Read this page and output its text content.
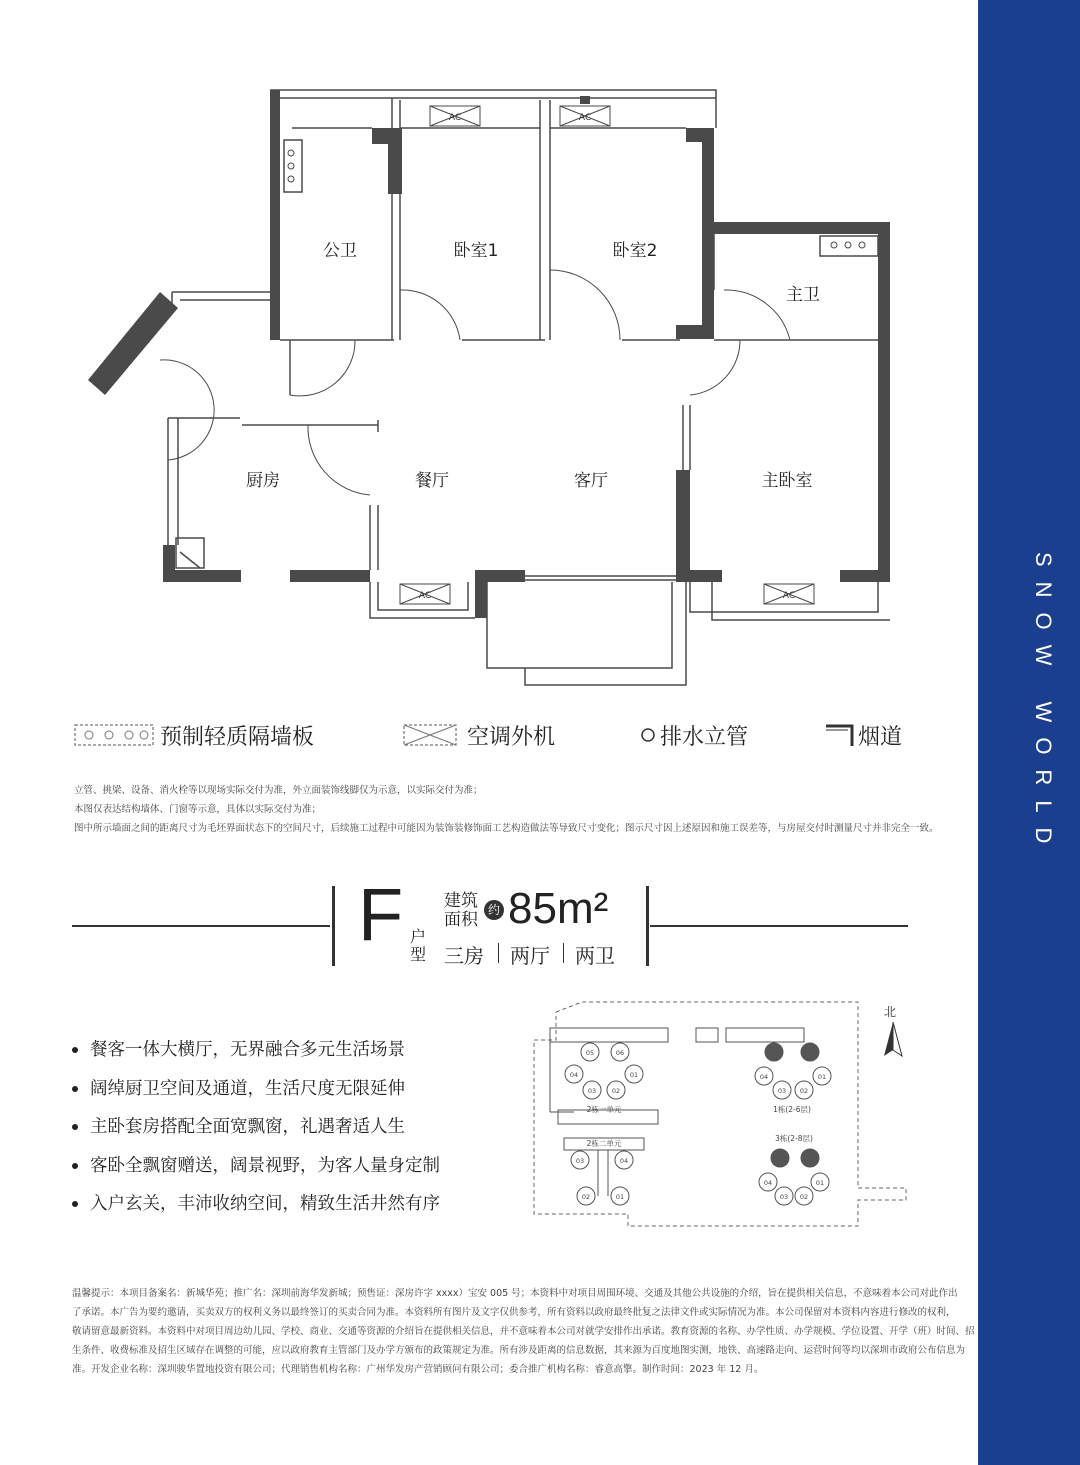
SNOW WORLD
AC	AC
AC	AC
公卫	卧室1	卧室2
主卫
厨房	餐厅	客厅	主卧室
预制轻质隔墙板	空调外机	排水立管	烟道
立管、挑梁、设备、消火栓等以现场实际交付为准，外立面装饰线脚仅为示意，以实际交付为准；
本图仅表达结构墙体、门窗等示意，具体以实际交付为准；
图中所示墙面之间的距离尺寸为毛坯界面状态下的空间尺寸，后续施工过程中可能因为装饰装修饰面工艺构造做法等导致尺寸变化；图示尺寸因上述原因和施工误差等，与房屋交付时测量尺寸并非完全一致。
F 户
型
建筑
面积 约 85m²
三房 两厅 两卫
餐客一体大横厅，无界融合多元生活场景
阔绰厨卫空间及通道，生活尺度无限延伸
主卧套房搭配全面宽飘窗，礼遇奢适人生
客卧全飘窗赠送，阔景视野，为客人量身定制
入户玄关，丰沛收纳空间，精致生活井然有序
2栋一单元	1栋(2-6层)
2栋二单元
3栋(2-8层)
05	06
04	01
03 02
04	01
03 02
03	04
02	01
04	01
03 02
北
温馨提示：本项目备案名：新城华苑；推广名：深圳前海华发新城；预售证：深房许字 xxxx）宝安 005 号；本资料中对项目周围环境、交通及其他公共设施的介绍，旨在提供相关信息，不意味着本公司对此作出
了承诺。本广告为要约邀请，买卖双方的权利义务以最终签订的买卖合同为准。本资料所有图片及文字仅供参考，所有资料以政府最终批复之法律文件或实际情况为准。本公司保留对本资料内容进行修改的权利，
敬请留意最新资料。本资料中对项目周边幼儿园、学校、商业、交通等资源的介绍旨在提供相关信息，并不意味着本公司对就学安排作出承诺。教育资源的名称、办学性质、办学规模、学位设置、开学（班）时间、招
生条件、收费标准及招生区域存在调整的可能，应以政府教育主管部门及办学方颁布的政策规定为准。所有涉及距离的信息数据，其来源为百度地图实测，地铁、高速路走向、运营时间等均以深圳市政府公布信息为
准。开发企业名称：深圳骏华置地投资有限公司；代理销售机构名称：广州华发房产营销顾问有限公司；委合推广机构名称：睿意高擎。制作时间：2023 年 12 月。
